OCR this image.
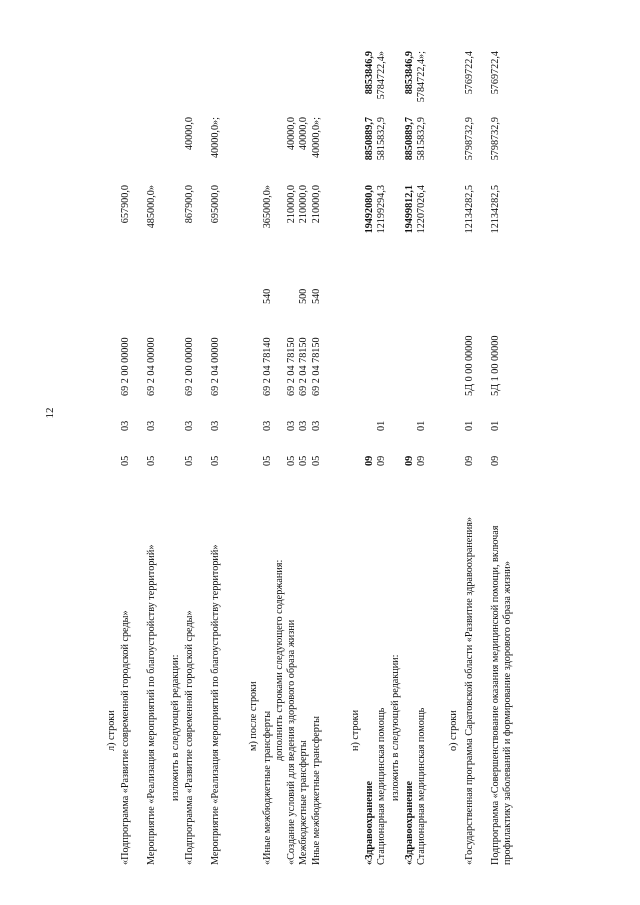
12
л) строки «Подпрограмма «Развитие современной городской среды»
05
03
69 2 00 00000
657900,0
Мероприятие «Реализация мероприятий по благоустройству территорий»
05
03
69 2 04 00000
485000,0»
изложить в следующей редакции: «Подпрограмма «Развитие современной городской среды»
05
03
69 2 00 00000
867900,0
40000,0
Мероприятие «Реализация мероприятий по благоустройству территорий»
05
03
69 2 04 00000
695000,0
40000,0»;
м) после строки «Иные межбюджетные трансферты
05
03
69 2 04 78140
540
365000,0»
дополнить строками следующего содержания: «Создание условий для ведения здорового образа жизни Межбюджетные трансферты Иные межбюджетные трансферты
05 05 05
03 03 03
69 2 04 78150 69 2 04 78150 69 2 04 78150
500 540
210000,0 210000,0 210000,0
40000,0 40000,0 40000,0»;
н) строки
«Здравоохранение Стационарная медицинская помощь
09 09
01
19492080,0 12199294,3
8850889,7 5815832,9
8853846,9 5784722,4»
изложить в следующей редакции:
«Здравоохранение Стационарная медицинская помощь
09 09
01
19499812,1 12207026,4
8850889,7 5815832,9
8853846,9 5784722,4»;
о) строки «Государственная программа Саратовской области «Развитие здравоохранения»
09
01
5Д 0 00 00000
12134282,5
5798732,9
5769722,4
Подпрограмма «Совершенствование оказания медицинской помощи, включая профилактику заболеваний и формирование здорового образа жизни»
09
01
5Д 1 00 00000
12134282,5
5798732,9
5769722,4
